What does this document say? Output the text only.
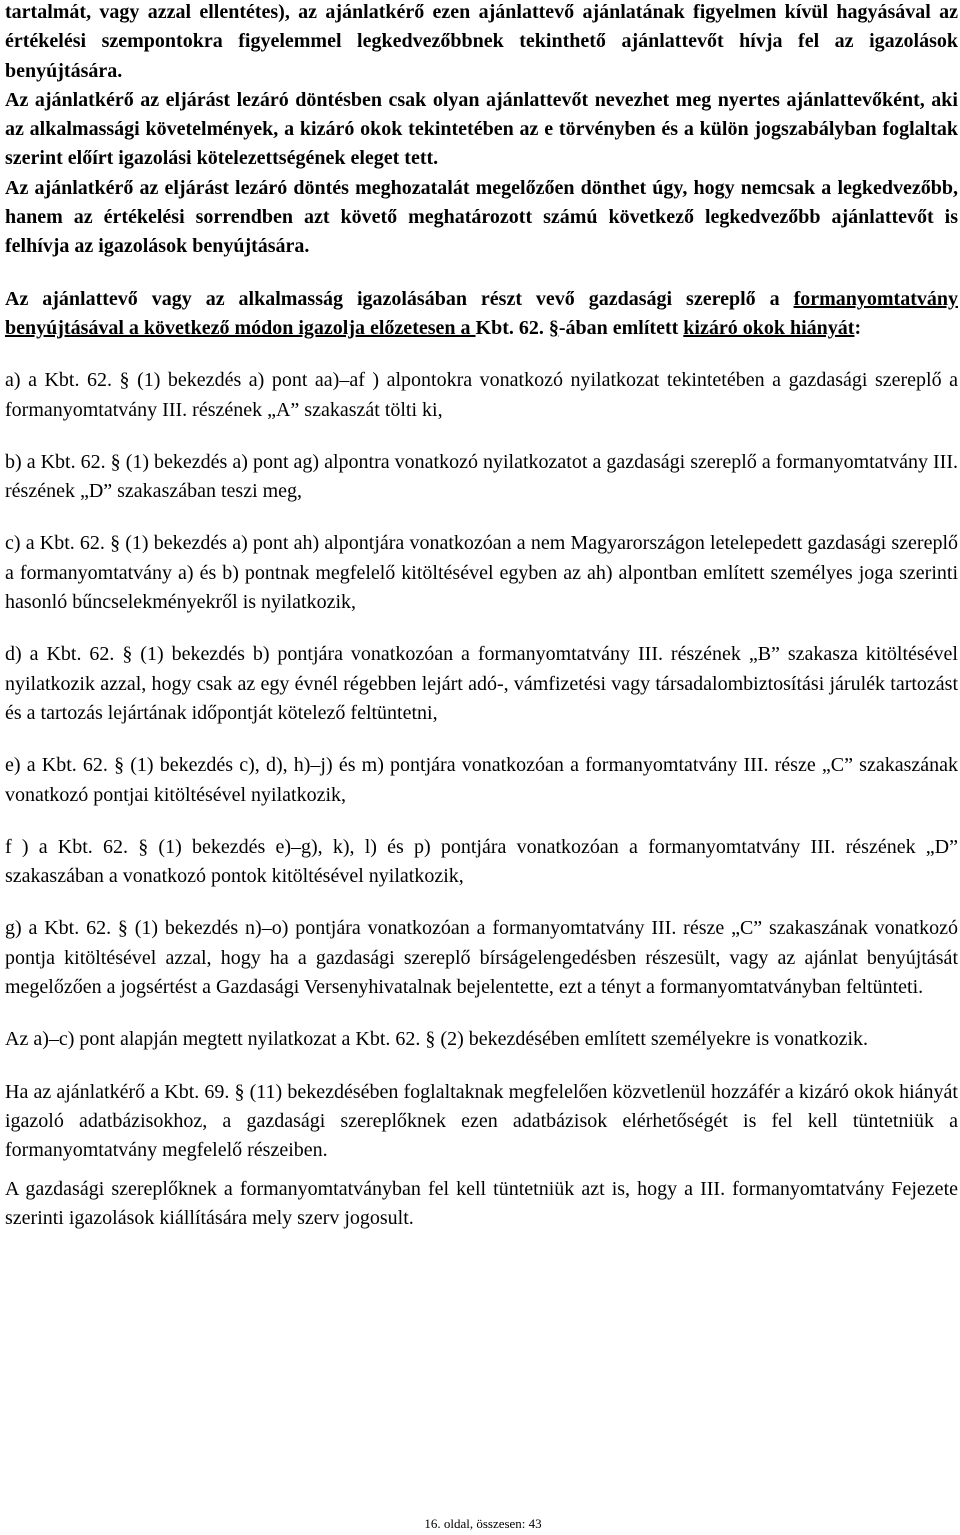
tartalmát, vagy azzal ellentétes), az ajánlatkérő ezen ajánlattevő ajánlatának figyelmen kívül hagyásával az értékelési szempontokra figyelemmel legkedvezőbbnek tekinthető ajánlattevőt hívja fel az igazolások benyújtására.

Az ajánlatkérő az eljárást lezáró döntésben csak olyan ajánlattevőt nevezhet meg nyertes ajánlattevőként, aki az alkalmassági követelmények, a kizáró okok tekintetében az e törvényben és a külön jogszabályban foglaltak szerint előírt igazolási kötelezettségének eleget tett.

Az ajánlatkérő az eljárást lezáró döntés meghozatalát megelőzően dönthet úgy, hogy nemcsak a legkedvezőbb, hanem az értékelési sorrendben azt követő meghatározott számú következő legkedvezőbb ajánlattevőt is felhívja az igazolások benyújtására.

Az ajánlattevő vagy az alkalmasság igazolásában részt vevő gazdasági szereplő a formanyomtatvány benyújtásával a következő módon igazolja előzetesen a Kbt. 62. §-ában említett kizáró okok hiányát:

a) a Kbt. 62. § (1) bekezdés a) pont aa)–af ) alpontokra vonatkozó nyilatkozat tekintetében a gazdasági szereplő a formanyomtatvány III. részének „A” szakaszát tölti ki,

b) a Kbt. 62. § (1) bekezdés a) pont ag) alpontra vonatkozó nyilatkozatot a gazdasági szereplő a formanyomtatvány III. részének „D” szakaszában teszi meg,

c) a Kbt. 62. § (1) bekezdés a) pont ah) alpontjára vonatkozóan a nem Magyarországon letelepedett gazdasági szereplő a formanyomtatvány a) és b) pontnak megfelelő kitöltésével egyben az ah) alpontban említett személyes joga szerinti hasonló bűncselekményekről is nyilatkozik,

d) a Kbt. 62. § (1) bekezdés b) pontjára vonatkozóan a formanyomtatvány III. részének „B” szakasza kitöltésével nyilatkozik azzal, hogy csak az egy évnél régebben lejárt adó-, vámfizetési vagy társadalombiztosítási járulék tartozást és a tartozás lejártának időpontját kötelező feltüntetni,

e) a Kbt. 62. § (1) bekezdés c), d), h)–j) és m) pontjára vonatkozóan a formanyomtatvány III. része „C” szakaszának vonatkozó pontjai kitöltésével nyilatkozik,

f ) a Kbt. 62. § (1) bekezdés e)–g), k), l) és p) pontjára vonatkozóan a formanyomtatvány III. részének „D” szakaszában a vonatkozó pontok kitöltésével nyilatkozik,

g) a Kbt. 62. § (1) bekezdés n)–o) pontjára vonatkozóan a formanyomtatvány III. része „C” szakaszának vonatkozó pontja kitöltésével azzal, hogy ha a gazdasági szereplő bírságelengedésben részesült, vagy az ajánlat benyújtását megelőzően a jogsértést a Gazdasági Versenyhivatalnak bejelentette, ezt a tényt a formanyomtatványban feltünteti.

Az a)–c) pont alapján megtett nyilatkozat a Kbt. 62. § (2) bekezdésében említett személyekre is vonatkozik.

Ha az ajánlatkérő a Kbt. 69. § (11) bekezdésében foglaltaknak megfelelően közvetlenül hozzáfér a kizáró okok hiányát igazoló adatbázisokhoz, a gazdasági szereplőknek ezen adatbázisok elérhetőségét is fel kell tüntetniük a formanyomtatvány megfelelő részeiben.

A gazdasági szereplőknek a formanyomtatványban fel kell tüntetniük azt is, hogy a III. formanyomtatvány Fejezete szerinti igazolások kiállítására mely szerv jogosult.

16. oldal, összesen: 43
